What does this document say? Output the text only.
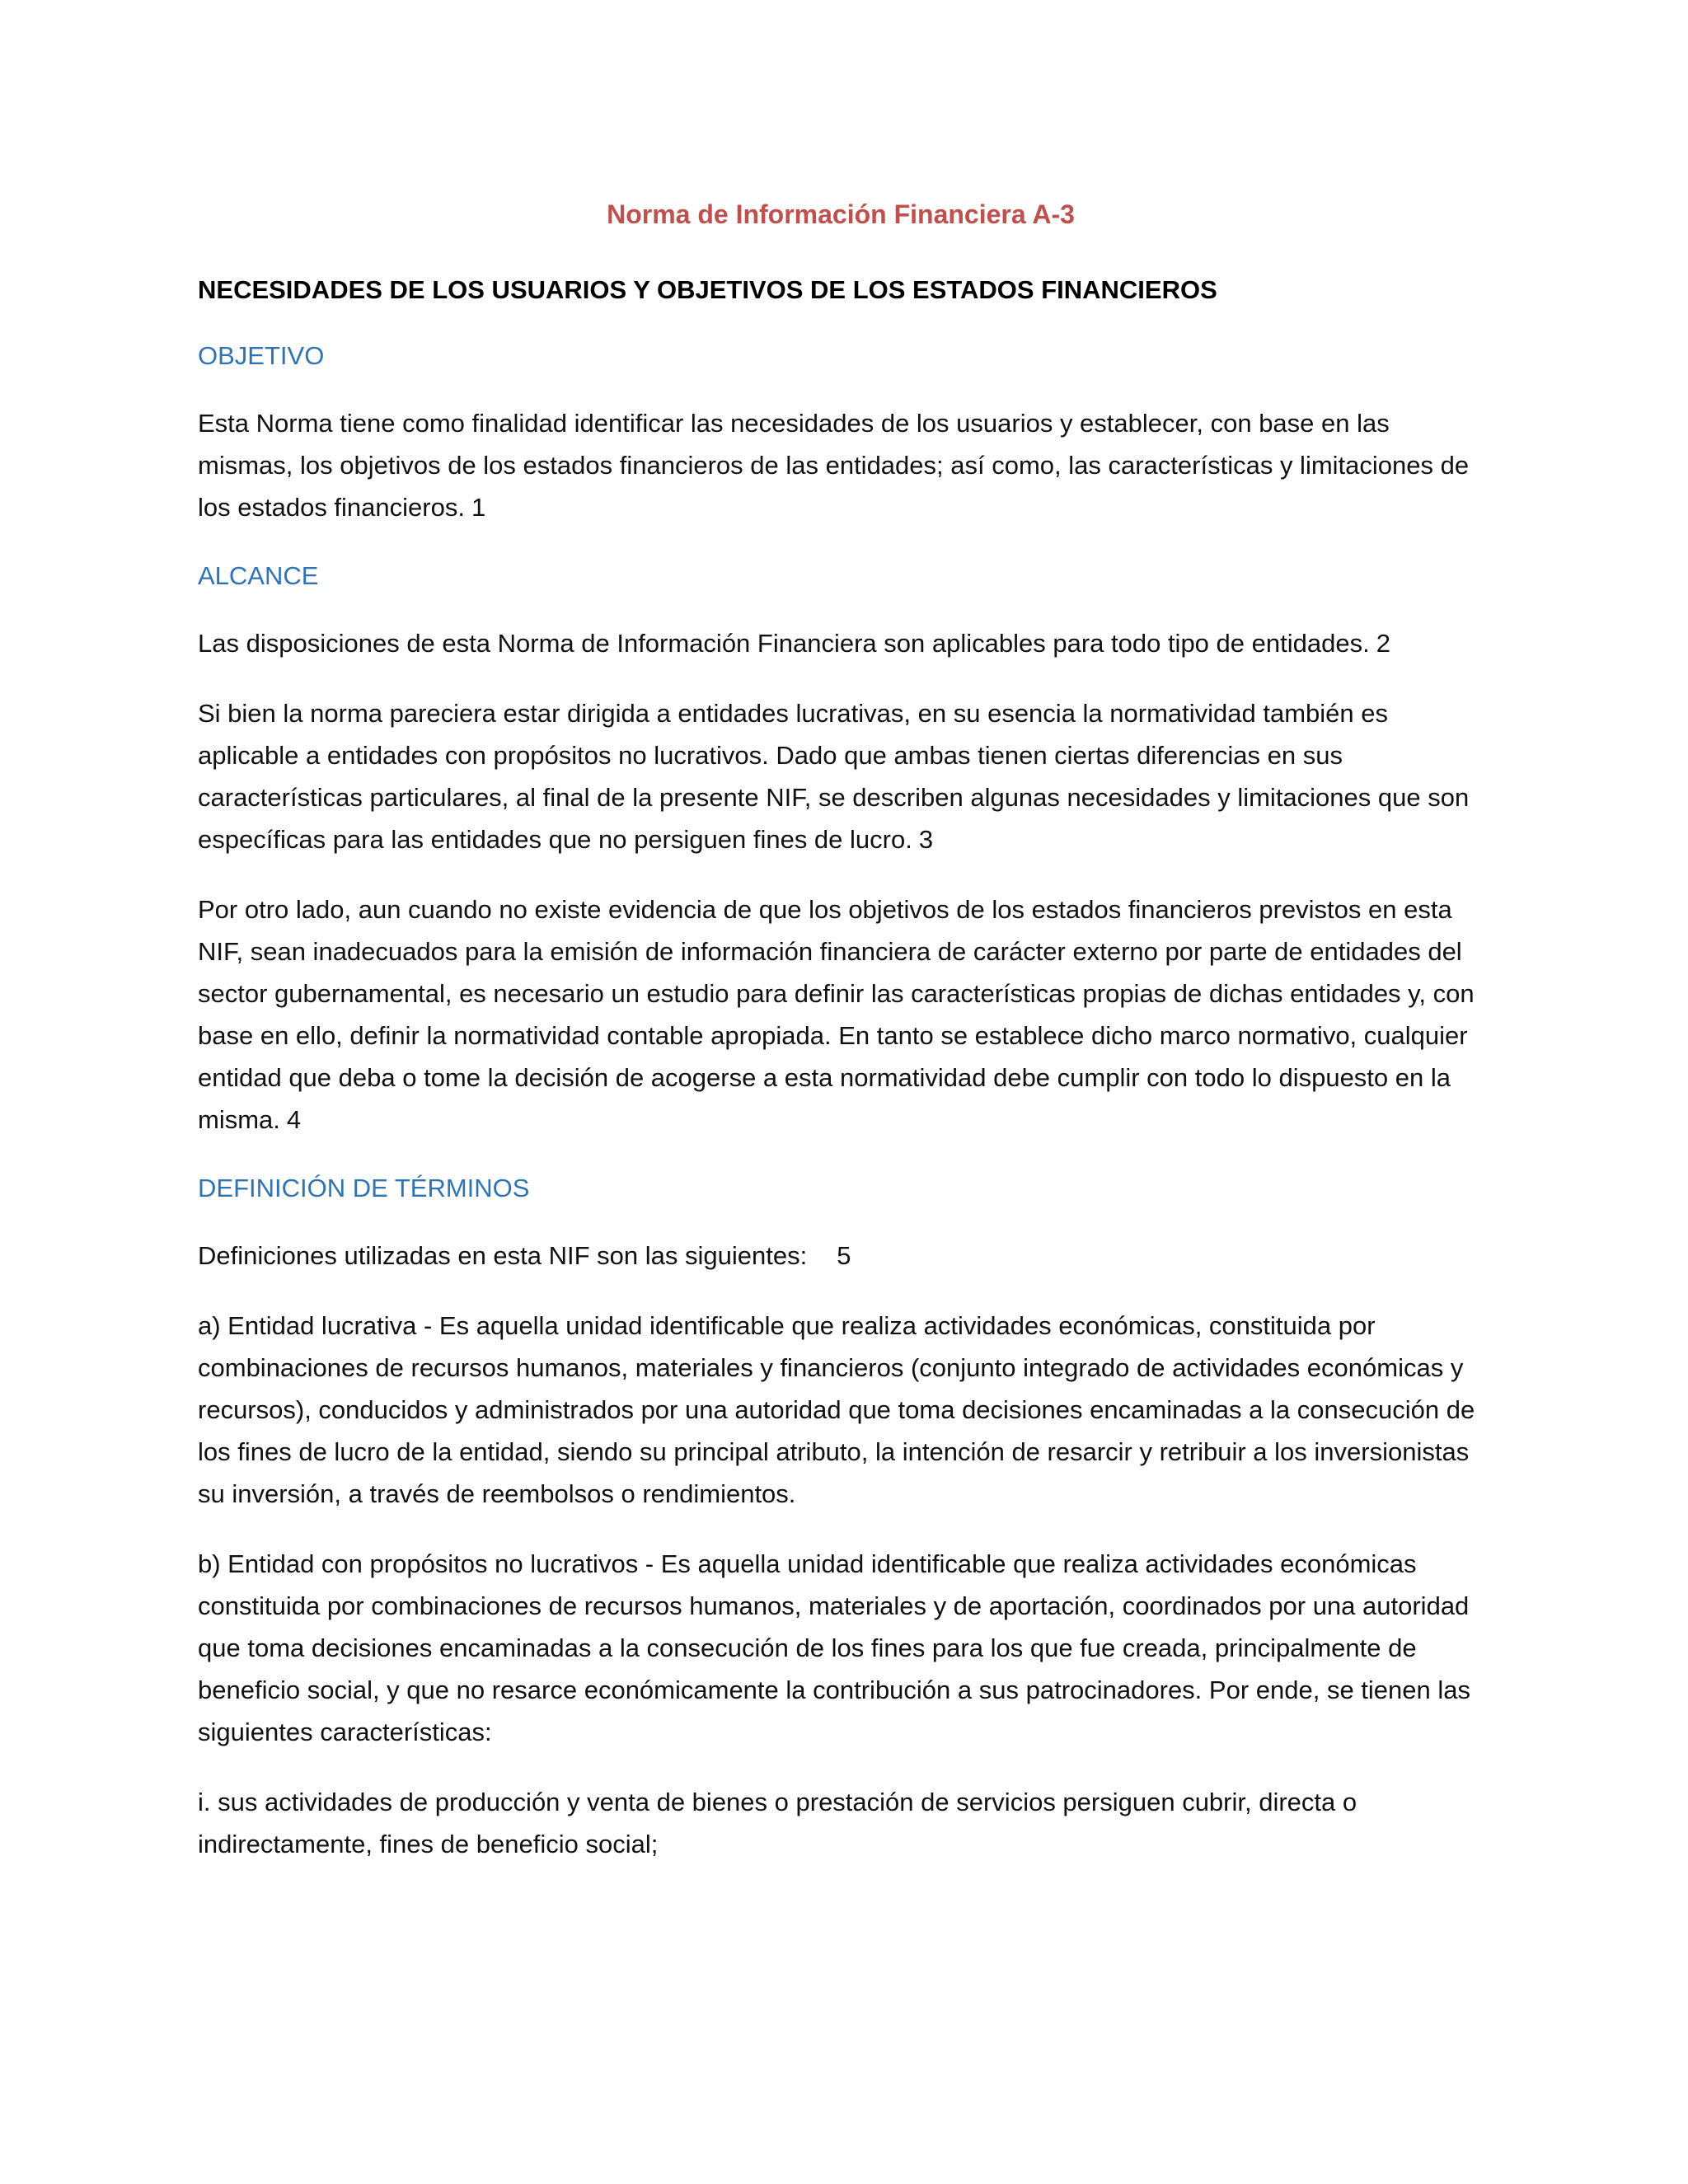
Norma de Información Financiera A-3
NECESIDADES DE LOS USUARIOS Y OBJETIVOS DE LOS ESTADOS FINANCIEROS
OBJETIVO

Esta Norma tiene como finalidad identificar las necesidades de los usuarios y establecer, con base en las mismas, los objetivos de los estados financieros de las entidades; así como, las características y limitaciones de los estados financieros. 1

ALCANCE

Las disposiciones de esta Norma de Información Financiera son aplicables para todo tipo de entidades. 2

Si bien la norma pareciera estar dirigida a entidades lucrativas, en su esencia la normatividad también es aplicable a entidades con propósitos no lucrativos. Dado que ambas tienen ciertas diferencias en sus características particulares, al final de la presente NIF, se describen algunas necesidades y limitaciones que son específicas para las entidades que no persiguen fines de lucro. 3

Por otro lado, aun cuando no existe evidencia de que los objetivos de los estados financieros previstos en esta NIF, sean inadecuados para la emisión de información financiera de carácter externo por parte de entidades del sector gubernamental, es necesario un estudio para definir las características propias de dichas entidades y, con base en ello, definir la normatividad contable apropiada. En tanto se establece dicho marco normativo, cualquier entidad que deba o tome la decisión de acogerse a esta normatividad debe cumplir con todo lo dispuesto en la misma. 4

DEFINICIÓN DE TÉRMINOS

Definiciones utilizadas en esta NIF son las siguientes: 5

a) Entidad lucrativa - Es aquella unidad identificable que realiza actividades económicas, constituida por combinaciones de recursos humanos, materiales y financieros (conjunto integrado de actividades económicas y recursos), conducidos y administrados por una autoridad que toma decisiones encaminadas a la consecución de los fines de lucro de la entidad, siendo su principal atributo, la intención de resarcir y retribuir a los inversionistas su inversión, a través de reembolsos o rendimientos.

b) Entidad con propósitos no lucrativos - Es aquella unidad identificable que realiza actividades económicas constituida por combinaciones de recursos humanos, materiales y de aportación, coordinados por una autoridad que toma decisiones encaminadas a la consecución de los fines para los que fue creada, principalmente de beneficio social, y que no resarce económicamente la contribución a sus patrocinadores. Por ende, se tienen las siguientes características:

i. sus actividades de producción y venta de bienes o prestación de servicios persiguen cubrir, directa o indirectamente, fines de beneficio social;
